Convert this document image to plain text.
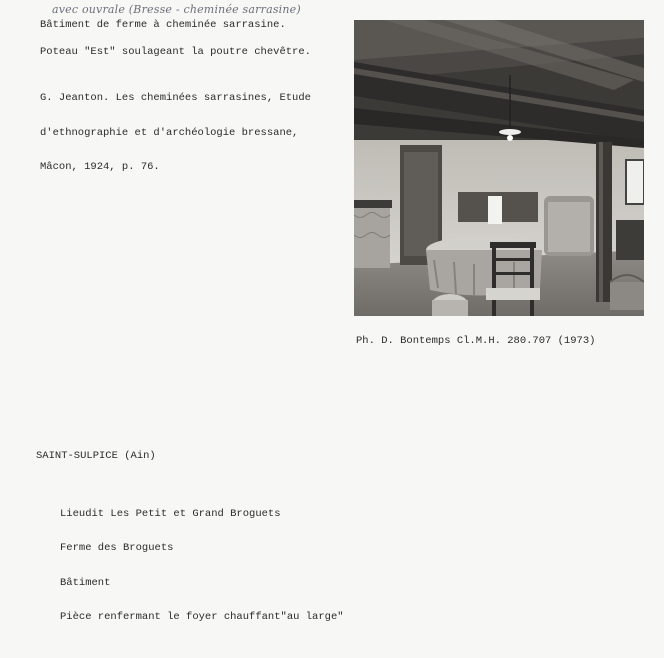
avec ouvrale (Bresse - cheminée sarrasine)
Bâtiment de ferme à cheminée sarrasine.
Poteau "Est" soulageant la poutre chevêtre.

G. Jeanton. Les cheminées sarrasines, Etude

d'ethnographie et d'archéologie bressane,

Mâcon, 1924, p. 76.

Ph. D. Bontemps Cl.M.H. 280.707 (1973)

SAINT-SULPICE (Ain)

Lieudit Les Petit et Grand Broguets

Ferme des Broguets

Bâtiment

Pièce renfermant le foyer chauffant"au large"
